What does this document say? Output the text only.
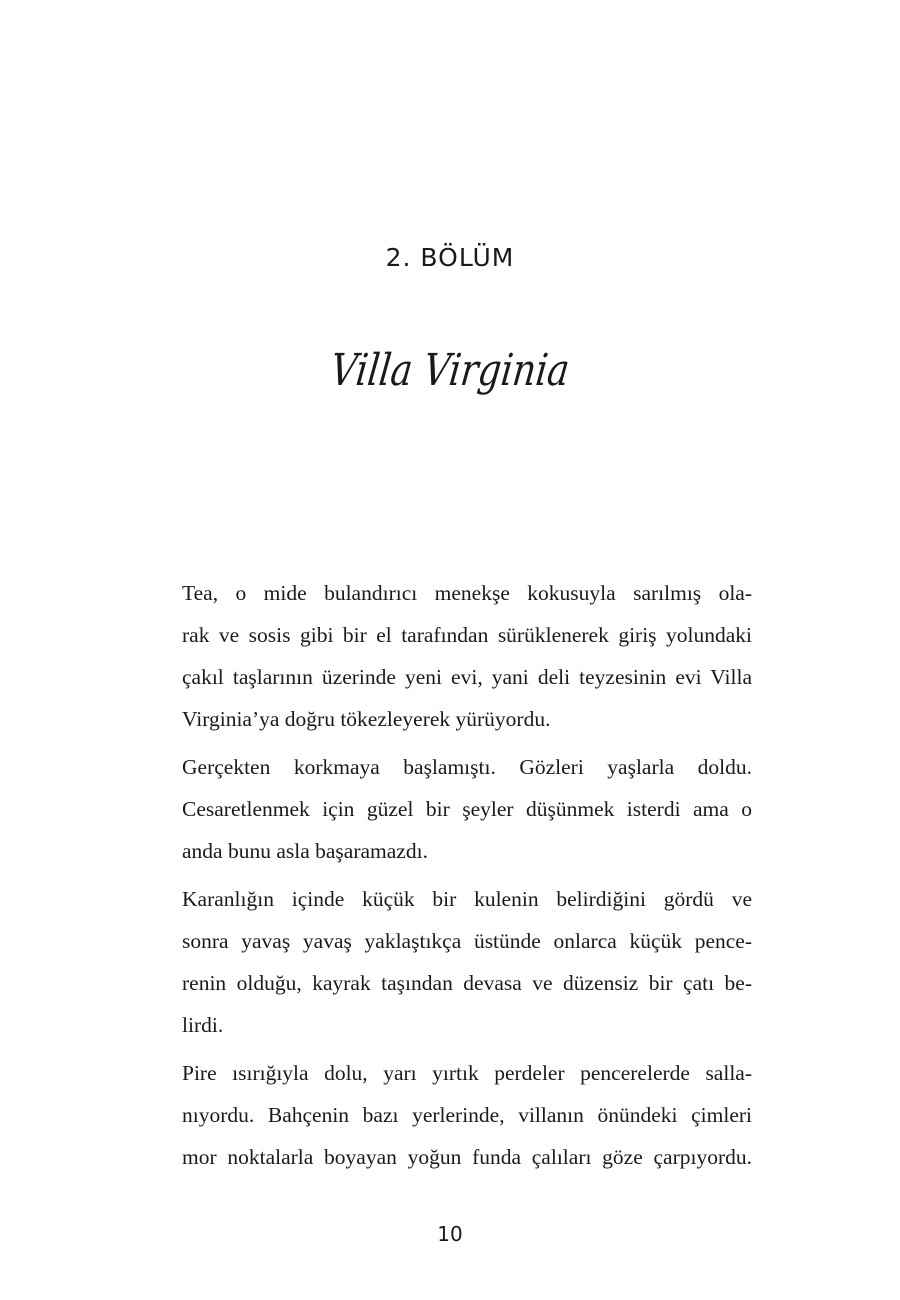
2. BÖLÜM
Villa Virginia

Tea, o mide bulandırıcı menekşe kokusuyla sarılmış ola-
rak ve sosis gibi bir el tarafından sürüklenerek giriş yolundaki
çakıl taşlarının üzerinde yeni evi, yani deli teyzesinin evi Villa
Virginia’ya doğru tökezleyerek yürüyordu.

Gerçekten korkmaya başlamıştı. Gözleri yaşlarla doldu.
Cesaretlenmek için güzel bir şeyler düşünmek isterdi ama o
anda bunu asla başaramazdı.

Karanlığın içinde küçük bir kulenin belirdiğini gördü ve
sonra yavaş yavaş yaklaştıkça üstünde onlarca küçük pence-
renin olduğu, kayrak taşından devasa ve düzensiz bir çatı be-
lirdi.

Pire ısırığıyla dolu, yarı yırtık perdeler pencerelerde salla-
nıyordu. Bahçenin bazı yerlerinde, villanın önündeki çimleri
mor noktalarla boyayan yoğun funda çalıları göze çarpıyordu.

10
